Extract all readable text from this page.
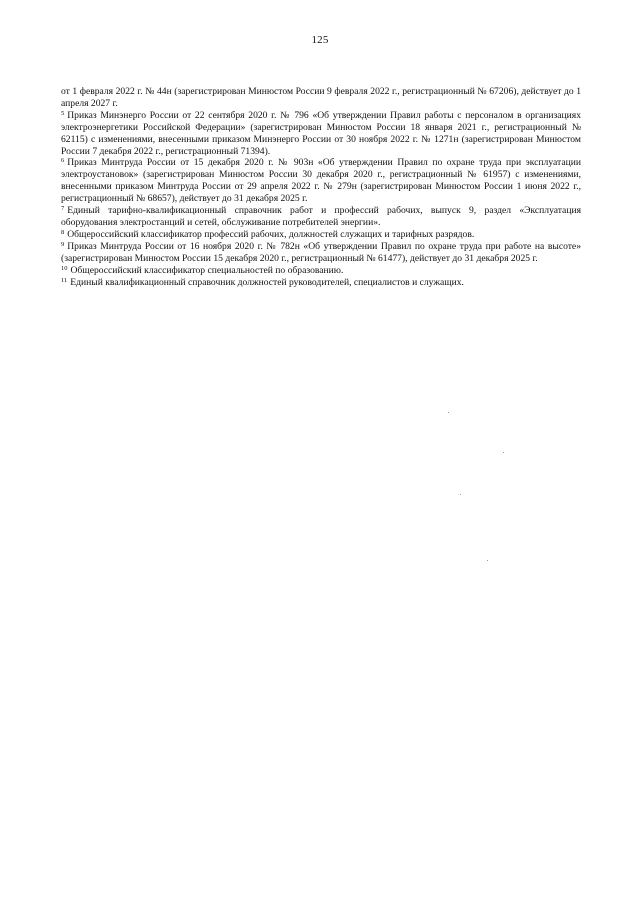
125

от 1 февраля 2022 г. № 44н (зарегистрирован Минюстом России 9 февраля 2022 г., регистрационный № 67206), действует до 1 апреля 2027 г.

$^5$ Приказ Минэнерго России от 22 сентября 2020 г. № 796 «Об утверждении Правил работы с персоналом в организациях электроэнергетики Российской Федерации» (зарегистрирован Минюстом России 18 января 2021 г., регистрационный № 62115) с изменениями, внесенными приказом Минэнерго России от 30 ноября 2022 г. № 1271н (зарегистрирован Минюстом России 7 декабря 2022 г., регистрационный 71394).

$^6$ Приказ Минтруда России от 15 декабря 2020 г. № 903н «Об утверждении Правил по охране труда при эксплуатации электроустановок» (зарегистрирован Минюстом России 30 декабря 2020 г., регистрационный № 61957) с изменениями, внесенными приказом Минтруда России от 29 апреля 2022 г. № 279н (зарегистрирован Минюстом России 1 июня 2022 г., регистрационный № 68657), действует до 31 декабря 2025 г.

$^7$ Единый тарифно-квалификационный справочник работ и профессий рабочих, выпуск 9, раздел «Эксплуатация оборудования электростанций и сетей, обслуживание потребителей энергии».

$^8$ Общероссийский классификатор профессий рабочих, должностей служащих и тарифных разрядов.

$^9$ Приказ Минтруда России от 16 ноября 2020 г. № 782н «Об утверждении Правил по охране труда при работе на высоте» (зарегистрирован Минюстом России 15 декабря 2020 г., регистрационный № 61477), действует до 31 декабря 2025 г.

$^{10}$ Общероссийский классификатор специальностей по образованию.

$^{11}$ Единый квалификационный справочник должностей руководителей, специалистов и служащих.
